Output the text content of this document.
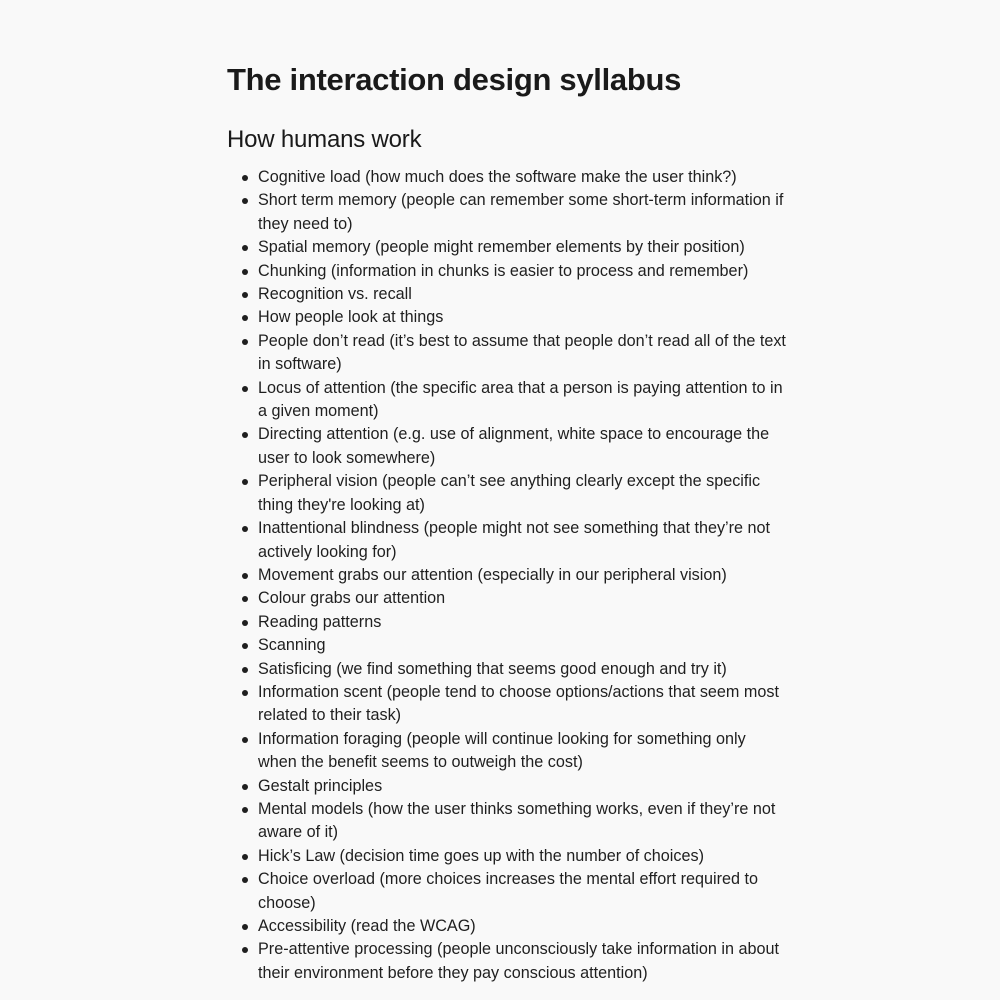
The interaction design syllabus
How humans work
Cognitive load (how much does the software make the user think?)
Short term memory (people can remember some short-term information if they need to)
Spatial memory (people might remember elements by their position)
Chunking (information in chunks is easier to process and remember)
Recognition vs. recall
How people look at things
People don’t read (it’s best to assume that people don’t read all of the text in software)
Locus of attention (the specific area that a person is paying attention to in a given moment)
Directing attention (e.g. use of alignment, white space to encourage the user to look somewhere)
Peripheral vision (people can’t see anything clearly except the specific thing they're looking at)
Inattentional blindness (people might not see something that they’re not actively looking for)
Movement grabs our attention (especially in our peripheral vision)
Colour grabs our attention
Reading patterns
Scanning
Satisficing (we find something that seems good enough and try it)
Information scent (people tend to choose options/actions that seem most related to their task)
Information foraging (people will continue looking for something only when the benefit seems to outweigh the cost)
Gestalt principles
Mental models (how the user thinks something works, even if they’re not aware of it)
Hick’s Law (decision time goes up with the number of choices)
Choice overload (more choices increases the mental effort required to choose)
Accessibility (read the WCAG)
Pre-attentive processing (people unconsciously take information in about their environment before they pay conscious attention)
